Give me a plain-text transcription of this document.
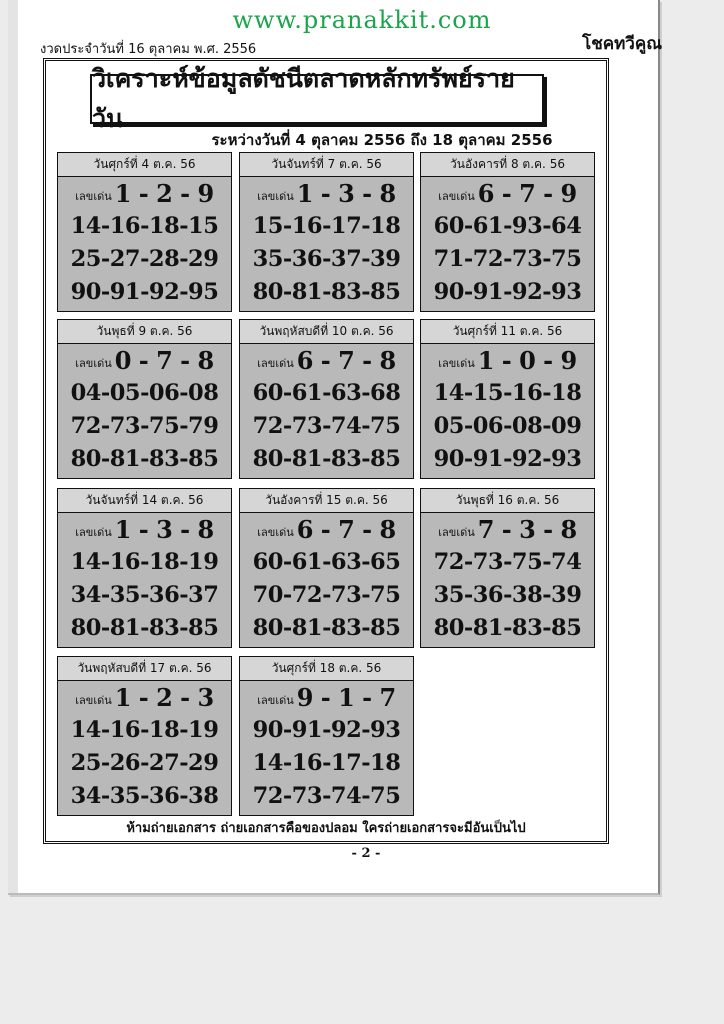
www.pranakkit.com
งวดประจำวันที่ 16 ตุลาคม พ.ศ. 2556	โชคทวีคูณ
วิเคราะห์ข้อมูลดัชนีตลาดหลักทรัพย์รายวัน
ระหว่างวันที่ 4 ตุลาคม 2556 ถึง 18 ตุลาคม 2556
วันศุกร์ที่ 4 ต.ค. 56
เลขเด่น 1 - 2 - 9
14-16-18-15
25-27-28-29
90-91-92-95
วันจันทร์ที่ 7 ต.ค. 56
เลขเด่น 1 - 3 - 8
15-16-17-18
35-36-37-39
80-81-83-85
วันอังคารที่ 8 ต.ค. 56
เลขเด่น 6 - 7 - 9
60-61-93-64
71-72-73-75
90-91-92-93
วันพุธที่ 9 ต.ค. 56
เลขเด่น 0 - 7 - 8
04-05-06-08
72-73-75-79
80-81-83-85
วันพฤหัสบดีที่ 10 ต.ค. 56
เลขเด่น 6 - 7 - 8
60-61-63-68
72-73-74-75
80-81-83-85
วันศุกร์ที่ 11 ต.ค. 56
เลขเด่น 1 - 0 - 9
14-15-16-18
05-06-08-09
90-91-92-93
วันจันทร์ที่ 14 ต.ค. 56
เลขเด่น 1 - 3 - 8
14-16-18-19
34-35-36-37
80-81-83-85
วันอังคารที่ 15 ต.ค. 56
เลขเด่น 6 - 7 - 8
60-61-63-65
70-72-73-75
80-81-83-85
วันพุธที่ 16 ต.ค. 56
เลขเด่น 7 - 3 - 8
72-73-75-74
35-36-38-39
80-81-83-85
วันพฤหัสบดีที่ 17 ต.ค. 56
เลขเด่น 1 - 2 - 3
14-16-18-19
25-26-27-29
34-35-36-38
วันศุกร์ที่ 18 ต.ค. 56
เลขเด่น 9 - 1 - 7
90-91-92-93
14-16-17-18
72-73-74-75
ห้ามถ่ายเอกสาร ถ่ายเอกสารคือของปลอม ใครถ่ายเอกสารจะมีอันเป็นไป
- 2 -
